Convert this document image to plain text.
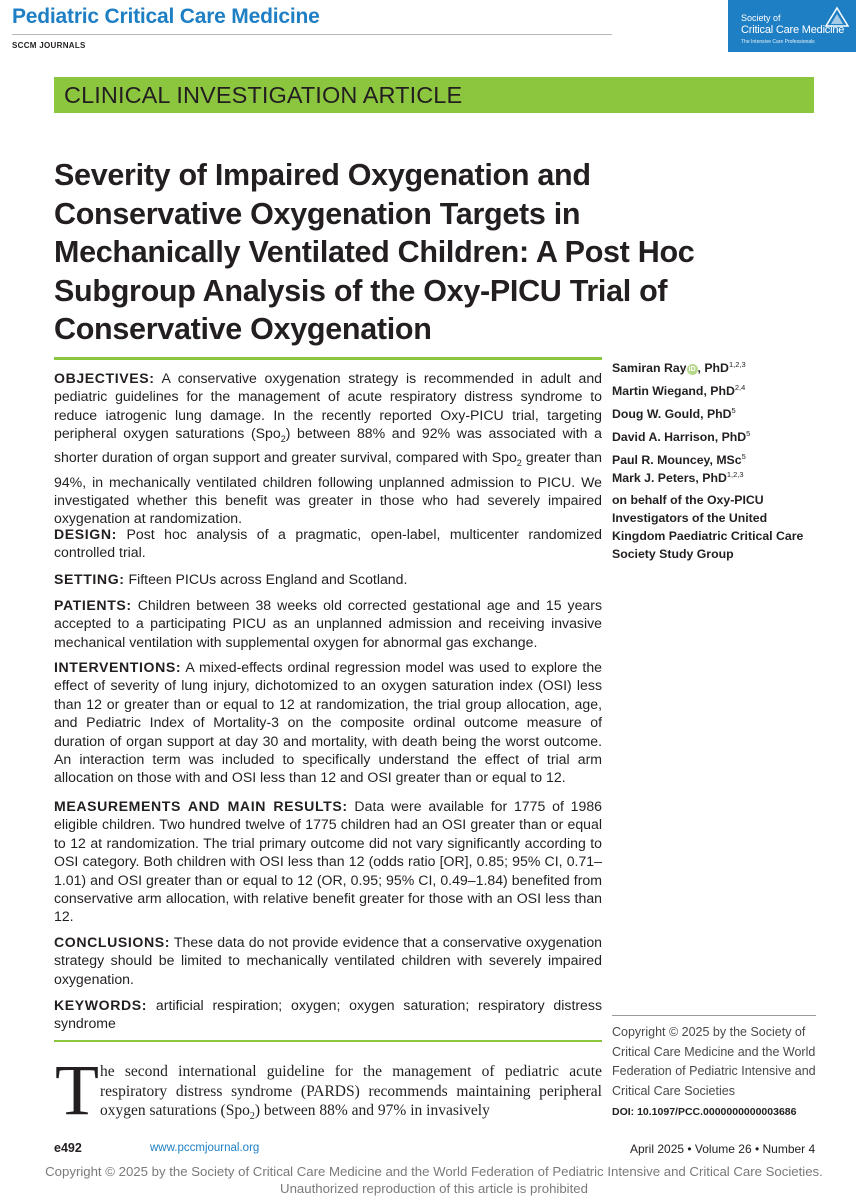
Pediatric Critical Care Medicine
SCCM JOURNALS
Society of
Critical Care Medicine
The Intensive Care Professionals
CLINICAL INVESTIGATION ARTICLE
Severity of Impaired Oxygenation and Conservative Oxygenation Targets in Mechanically Ventilated Children: A Post Hoc Subgroup Analysis of the Oxy-PICU Trial of Conservative Oxygenation
OBJECTIVES: A conservative oxygenation strategy is recommended in adult and pediatric guidelines for the management of acute respiratory distress syndrome to reduce iatrogenic lung damage. In the recently reported Oxy-PICU trial, targeting peripheral oxygen saturations (Spo$_2$) between 88% and 92% was associated with a shorter duration of organ support and greater survival, compared with Spo$_2$ greater than 94%, in mechanically ventilated children following unplanned admission to PICU. We investigated whether this benefit was greater in those who had severely impaired oxygenation at randomization.
DESIGN: Post hoc analysis of a pragmatic, open-label, multicenter randomized controlled trial.
SETTING: Fifteen PICUs across England and Scotland.
PATIENTS: Children between 38 weeks old corrected gestational age and 15 years accepted to a participating PICU as an unplanned admission and receiving invasive mechanical ventilation with supplemental oxygen for abnormal gas exchange.
INTERVENTIONS: A mixed-effects ordinal regression model was used to explore the effect of severity of lung injury, dichotomized to an oxygen saturation index (OSI) less than 12 or greater than or equal to 12 at randomization, the trial group allocation, age, and Pediatric Index of Mortality-3 on the composite ordinal outcome measure of duration of organ support at day 30 and mortality, with death being the worst outcome. An interaction term was included to specifically understand the effect of trial arm allocation on those with and OSI less than 12 and OSI greater than or equal to 12.
MEASUREMENTS AND MAIN RESULTS: Data were available for 1775 of 1986 eligible children. Two hundred twelve of 1775 children had an OSI greater than or equal to 12 at randomization. The trial primary outcome did not vary significantly according to OSI category. Both children with OSI less than 12 (odds ratio [OR], 0.85; 95% CI, 0.71–1.01) and OSI greater than or equal to 12 (OR, 0.95; 95% CI, 0.49–1.84) benefited from conservative arm allocation, with relative benefit greater for those with an OSI less than 12.
CONCLUSIONS: These data do not provide evidence that a conservative oxygenation strategy should be limited to mechanically ventilated children with severely impaired oxygenation.
KEYWORDS: artificial respiration; oxygen; oxygen saturation; respiratory distress syndrome
Samiran Ray iD , PhD$^{1,2,3}$
Martin Wiegand, PhD$^{2,4}$
Doug W. Gould, PhD$^5$
David A. Harrison, PhD$^5$
Paul R. Mouncey, MSc$^5$
Mark J. Peters, PhD$^{1,2,3}$
on behalf of the Oxy-PICU Investigators of the United Kingdom Paediatric Critical Care Society Study Group
Copyright © 2025 by the Society of Critical Care Medicine and the World Federation of Pediatric Intensive and Critical Care Societies
DOI: 10.1097/PCC.0000000000003686
T he second international guideline for the management of pediatric acute respiratory distress syndrome (PARDS) recommends maintaining peripheral oxygen saturations (Spo$_2$) between 88% and 97% in invasively
e492	www.pccmjournal.org	April 2025 • Volume 26 • Number 4
Copyright © 2025 by the Society of Critical Care Medicine and the World Federation of Pediatric Intensive and Critical Care Societies.
Unauthorized reproduction of this article is prohibited
